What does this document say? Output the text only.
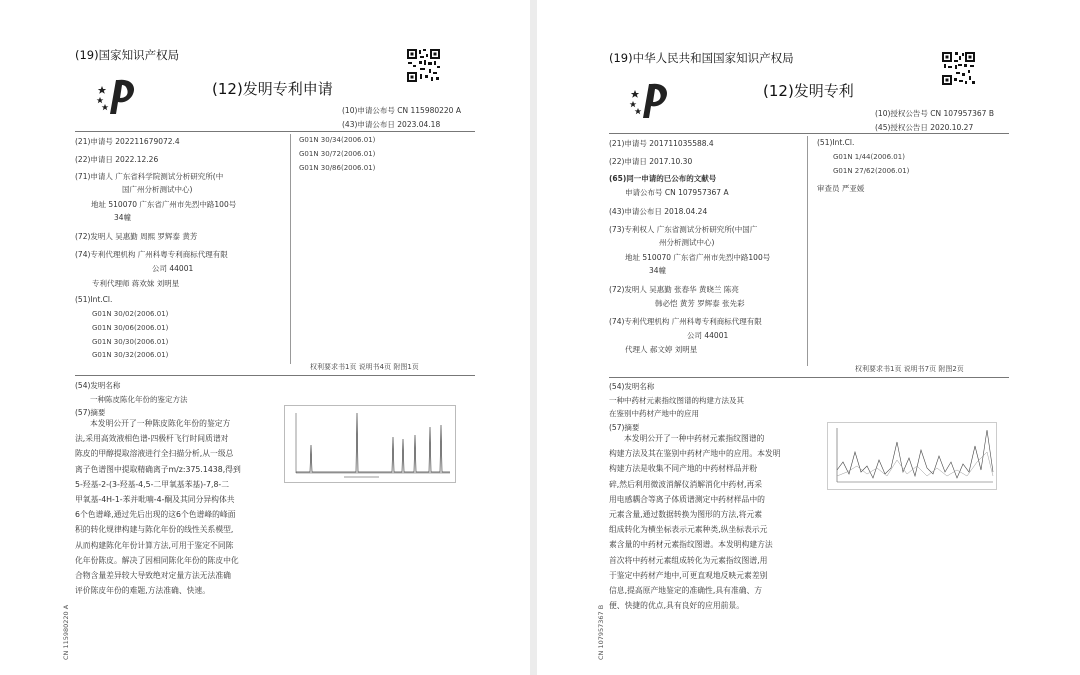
(19)国家知识产权局
(12)发明专利申请
(10)申请公布号 CN 115980220 A
(43)申请公布日 2023.04.18
(21)申请号 202211679072.4
(22)申请日 2022.12.26
(71)申请人 广东省科学院测试分析研究所(中
国广州分析测试中心)
地址 510070 广东省广州市先烈中路100号
34幢
(72)发明人 吴惠勤 周熙 罗辉泰 黄芳
(74)专利代理机构 广州科粤专利商标代理有限
公司 44001
专利代理师 蒋欢妹 刘明星
(51)Int.Cl.
G01N 30/02(2006.01)
G01N 30/06(2006.01)
G01N 30/30(2006.01)
G01N 30/32(2006.01)
G01N 30/34(2006.01)
G01N 30/72(2006.01)
G01N 30/86(2006.01)
权利要求书1页 说明书4页 附图1页
(54)发明名称
一种陈皮陈化年份的鉴定方法
(57)摘要
本发明公开了一种陈皮陈化年份的鉴定方
法,采用高效液相色谱-四极杆飞行时间质谱对
陈皮的甲醇提取溶液进行全扫描分析,从一级总
离子色谱图中提取精确离子m/z:375.1438,得到
5-羟基-2-(3-羟基-4,5-二甲氧基苯基)-7,8-二
甲氧基-4H-1-苯并吡喃-4-酮及其同分异构体共
6个色谱峰,通过先后出现的这6个色谱峰的峰面
积的转化规律构建与陈化年份的线性关系模型,
从而构建陈化年份计算方法,可用于鉴定不同陈
化年份陈皮。解决了因相同陈化年份的陈皮中化
合物含量差异较大导致绝对定量方法无法准确
评价陈皮年份的难题,方法准确、快速。
CN 115980220 A
(19)中华人民共和国国家知识产权局
(12)发明专利
(10)授权公告号 CN 107957367 B
(45)授权公告日 2020.10.27
(21)申请号 201711035588.4
(22)申请日 2017.10.30
(65)同一申请的已公布的文献号
申请公布号 CN 107957367 A
(43)申请公布日 2018.04.24
(73)专利权人 广东省测试分析研究所(中国广
州分析测试中心)
地址 510070 广东省广州市先烈中路100号
34幢
(72)发明人 吴惠勤 张春华 黄晓兰 陈亮
韩必恺 黄芳 罗辉泰 张先彩
(74)专利代理机构 广州科粤专利商标代理有限
公司 44001
代理人 郝文婷 刘明星
(51)Int.Cl.
G01N 1/44(2006.01)
G01N 27/62(2006.01)
审查员 严亚媛
权利要求书1页 说明书7页 附图2页
(54)发明名称
一种中药材元素指纹图谱的构建方法及其
在鉴别中药材产地中的应用
(57)摘要
本发明公开了一种中药材元素指纹图谱的
构建方法及其在鉴别中药材产地中的应用。本发明
构建方法是收集不同产地的中药材样品并粉
碎,然后利用微波消解仪消解消化中药材,再采
用电感耦合等离子体质谱测定中药材样品中的
元素含量,通过数据转换为图形的方法,将元素
组成转化为横坐标表示元素种类,纵坐标表示元
素含量的中药材元素指纹图谱。本发明构建方法
首次将中药材元素组成转化为元素指纹图谱,用
于鉴定中药材产地中,可更直观地反映元素差别
信息,提高原产地鉴定的准确性,具有准确、方
便、快捷的优点,具有良好的应用前景。
CN 107957367 B
